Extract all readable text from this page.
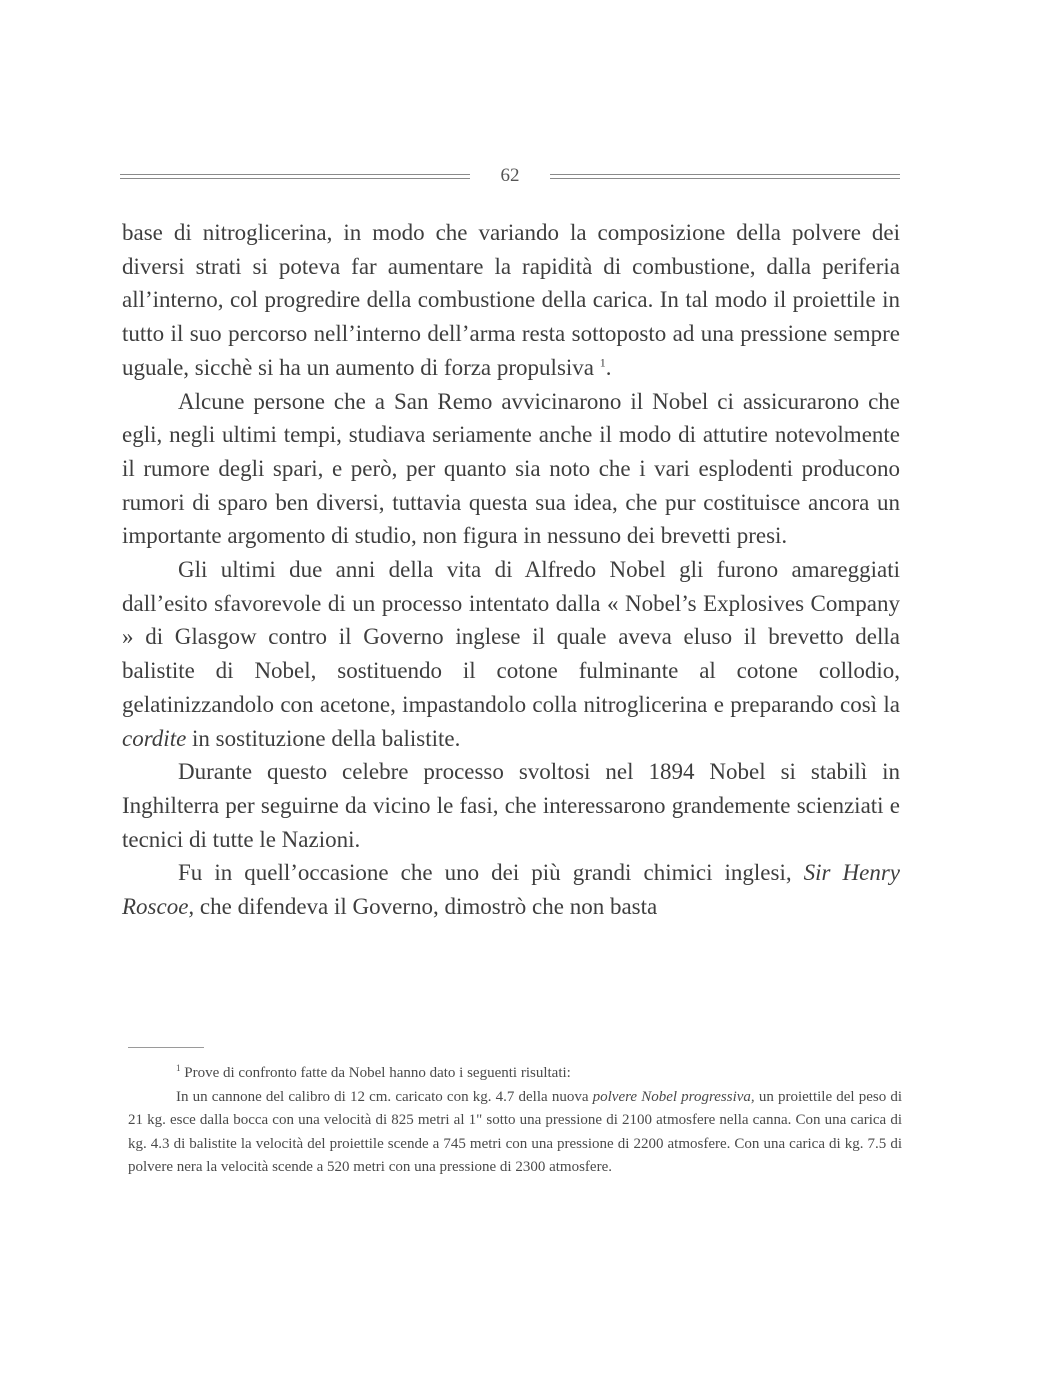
62

base di nitroglicerina, in modo che variando la composizione della polvere dei diversi strati si poteva far aumentare la rapidità di combustione, dalla periferia all’interno, col progredire della combustione della carica. In tal modo il proiettile in tutto il suo percorso nell’interno dell’arma resta sottoposto ad una pressione sempre uguale, sicchè si ha un aumento di forza propulsiva $^1$.

Alcune persone che a San Remo avvicinarono il Nobel ci assicurarono che egli, negli ultimi tempi, studiava seriamente anche il modo di attutire notevolmente il rumore degli spari, e però, per quanto sia noto che i vari esplodenti producono rumori di sparo ben diversi, tuttavia questa sua idea, che pur costituisce ancora un importante argomento di studio, non figura in nessuno dei brevetti presi.

Gli ultimi due anni della vita di Alfredo Nobel gli furono amareggiati dall’esito sfavorevole di un processo intentato dalla « Nobel’s Explosives Company » di Glasgow contro il Governo inglese il quale aveva eluso il brevetto della balistite di Nobel, sostituendo il cotone fulminante al cotone collodio, gelatinizzandolo con acetone, impastandolo colla nitroglicerina e preparando così la cordite in sostituzione della balistite.

Durante questo celebre processo svoltosi nel 1894 Nobel si stabilì in Inghilterra per seguirne da vicino le fasi, che interessarono grandemente scienziati e tecnici di tutte le Nazioni.

Fu in quell’occasione che uno dei più grandi chimici inglesi, Sir Henry Roscoe, che difendeva il Governo, dimostrò che non basta

$^1$ Prove di confronto fatte da Nobel hanno dato i seguenti risultati:

In un cannone del calibro di 12 cm. caricato con kg. 4.7 della nuova polvere Nobel progressiva, un proiettile del peso di 21 kg. esce dalla bocca con una velocità di 825 metri al 1" sotto una pressione di 2100 atmosfere nella canna. Con una carica di kg. 4.3 di balistite la velocità del proiettile scende a 745 metri con una pressione di 2200 atmosfere. Con una carica di kg. 7.5 di polvere nera la velocità scende a 520 metri con una pressione di 2300 atmosfere.
